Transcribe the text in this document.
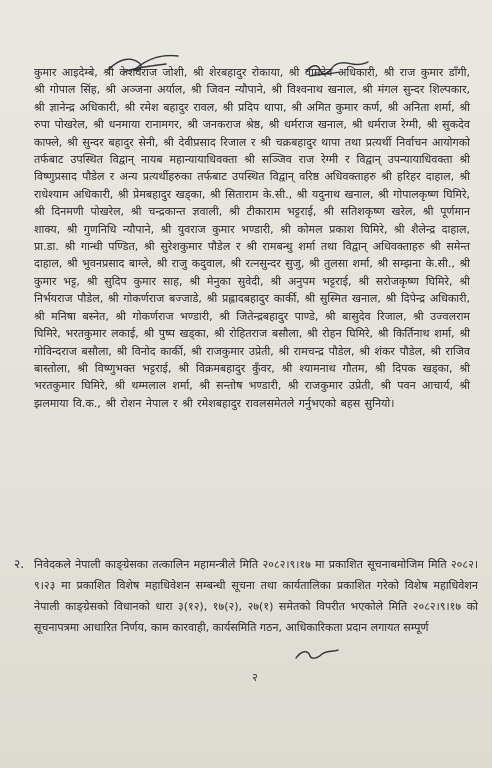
कुमार आइदेम्बे, श्री केशवराज जोशी, श्री शेरबहादुर रोकाया, श्री वामदेव अधिकारी, श्री राज कुमार डाँगी, श्री गोपाल सिंह, श्री अञ्जना अर्याल, श्री जिवन न्यौपाने, श्री विश्वनाथ खनाल, श्री मंगल सुन्दर शिल्पकार, श्री ज्ञानेन्द्र अधिकारी, श्री रमेश बहादुर रावल, श्री प्रदिप थापा, श्री अमित कुमार कर्ण, श्री अनिता शर्मा, श्री रुपा पोखरेल, श्री धनमाया रानामगर, श्री जनकराज श्रेष्ठ, श्री धर्मराज खनाल, श्री धर्मराज रेग्मी, श्री सुकदेव काफ्ले, श्री सुन्दर बहादुर सेनी, श्री देवीप्रसाद रिजाल र श्री चक्रबहादुर थापा तथा प्रत्यर्थी निर्वाचन आयोगको तर्फबाट उपस्थित विद्वान् नायब महान्यायाधिवक्ता श्री सञ्जिव राज रेग्मी र विद्वान् उपन्यायाधिवक्ता श्री विष्णुप्रसाद पौडेल र अन्य प्रत्यर्थीहरुका तर्फबाट उपस्थित विद्वान् वरिष्ठ अधिवक्ताहरु श्री हरिहर दाहाल, श्री राधेश्याम अधिकारी, श्री प्रेमबहादुर खड्का, श्री सिताराम के.सी., श्री यदुनाथ खनाल, श्री गोपालकृष्ण घिमिरे, श्री दिनमणी पोखरेल, श्री चन्द्रकान्त ज्ञवाली, श्री टीकाराम भट्टराई, श्री सतिशकृष्ण खरेल, श्री पूर्णमान शाक्य, श्री गुणनिधि न्यौपाने, श्री युवराज कुमार भण्डारी, श्री कोमल प्रकाश घिमिरे, श्री शैलेन्द्र दाहाल, प्रा.डा. श्री गान्धी पण्डित, श्री सुरेशकुमार पौडेल र श्री रामबन्धु शर्मा तथा विद्वान् अधिवक्ताहरु श्री समेन्त दाहाल, श्री भुवनप्रसाद बाग्ले, श्री राजु कदुवाल, श्री रत्नसुन्दर सुजु, श्री तुलसा शर्मा, श्री सम्झना के.सी., श्री कुमार भट्ट, श्री सुदिप कुमार साह, श्री मेनुका सुवेदी, श्री अनुपम भट्टराई, श्री सरोजकृष्ण घिमिरे, श्री निर्भयराज पौडेल, श्री गोकर्णराज बज्जाडे, श्री प्रह्लादबहादुर कार्की, श्री सुस्मित खनाल, श्री दिपेन्द्र अधिकारी, श्री मनिषा बस्नेत, श्री गोकर्णराज भण्डारी, श्री जितेन्द्रबहादुर पाण्डे, श्री बासुदेव रिजाल, श्री उज्वलराम घिमिरे, भरतकुमार लकाई, श्री पुष्प खड्का, श्री रोहितराज बसौला, श्री रोहन घिमिरे, श्री किर्तिनाथ शर्मा, श्री गोविन्दराज बसौला, श्री विनोद कार्की, श्री राजकुमार उप्रेती, श्री रामचन्द्र पौडेल, श्री शंकर पौडेल, श्री राजिव बास्तोला, श्री विष्णुभक्त भट्टराई, श्री विक्रमबहादुर कुँवर, श्री श्यामनाथ गौतम, श्री दिपक खड्का, श्री भरतकुमार घिमिरे, श्री थम्मलाल शर्मा, श्री सन्तोष भण्डारी, श्री राजकुमार उप्रेती, श्री पवन आचार्य, श्री झलमाया वि.क., श्री रोशन नेपाल र श्री रमेशबहादुर रावलसमेतले गर्नुभएको बहस सुनियो।

२. निवेदकले नेपाली काङ्ग्रेसका तत्कालिन महामन्त्रीले मिति २०८२।९।१७ मा प्रकाशित सूचनाबमोजिम मिति २०८२।९।२३ मा प्रकाशित विशेष महाधिवेशन सम्बन्धी सूचना तथा कार्यतालिका प्रकाशित गरेको विशेष महाधिवेशन नेपाली काङ्ग्रेसको विधानको धारा ३(१२), १७(२), २७(१) समेतको विपरीत भएकोले मिति २०८२।९।१७ को सूचनापत्रमा आधारित निर्णय, काम कारवाही, कार्यसमिति गठन, आधिकारिकता प्रदान लगायत सम्पूर्ण

२
